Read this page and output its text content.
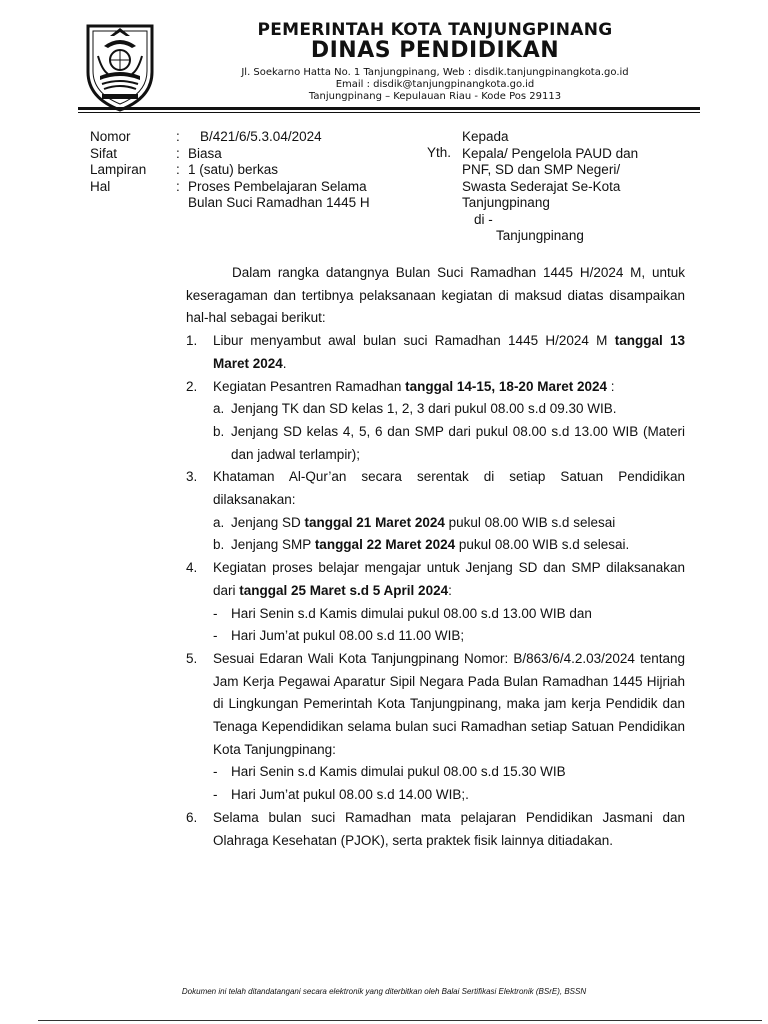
PEMERINTAH KOTA TANJUNGPINANG
DINAS PENDIDIKAN
Jl. Soekarno Hatta No. 1 Tanjungpinang, Web : disdik.tanjungpinangkota.go.id
Email : disdik@tanjungpinangkota.go.id
Tanjungpinang – Kepulauan Riau - Kode Pos 29113
Nomor	:	B/421/6/5.3.04/2024
Sifat	: Biasa
Lampiran	: 1 (satu) berkas
Hal	: Proses Pembelajaran Selama
Bulan Suci Ramadhan 1445 H
Yth.
Kepada
Kepala/ Pengelola PAUD dan
PNF, SD dan SMP Negeri/
Swasta Sederajat Se-Kota
Tanjungpinang
di -
Tanjungpinang

Dalam rangka datangnya Bulan Suci Ramadhan 1445 H/2024 M, untuk keseragaman dan tertibnya pelaksanaan kegiatan di maksud diatas disampaikan hal-hal sebagai berikut:

1.	Libur menyambut awal bulan suci Ramadhan 1445 H/2024 M tanggal 13 Maret 2024.
2.	Kegiatan Pesantren Ramadhan tanggal 14-15, 18-20 Maret 2024 :
a. Jenjang TK dan SD kelas 1, 2, 3 dari pukul 08.00 s.d 09.30 WIB.
b. Jenjang SD kelas 4, 5, 6 dan SMP dari pukul 08.00 s.d 13.00 WIB (Materi dan jadwal terlampir);
3.	Khataman Al-Qur’an secara serentak di setiap Satuan Pendidikan dilaksanakan:
a. Jenjang SD tanggal 21 Maret 2024 pukul 08.00 WIB s.d selesai
b. Jenjang SMP tanggal 22 Maret 2024 pukul 08.00 WIB s.d selesai.
4.	Kegiatan proses belajar mengajar untuk Jenjang SD dan SMP dilaksanakan dari tanggal 25 Maret s.d 5 April 2024:
-	Hari Senin s.d Kamis dimulai pukul 08.00 s.d 13.00 WIB dan
-	Hari Jum’at pukul 08.00 s.d 11.00 WIB;
5.	Sesuai Edaran Wali Kota Tanjungpinang Nomor: B/863/6/4.2.03/2024 tentang Jam Kerja Pegawai Aparatur Sipil Negara Pada Bulan Ramadhan 1445 Hijriah di Lingkungan Pemerintah Kota Tanjungpinang, maka jam kerja Pendidik dan Tenaga Kependidikan selama bulan suci Ramadhan setiap Satuan Pendidikan Kota Tanjungpinang:
-	Hari Senin s.d Kamis dimulai pukul 08.00 s.d 15.30 WIB
-	Hari Jum’at pukul 08.00 s.d 14.00 WIB;.
6.	Selama bulan suci Ramadhan mata pelajaran Pendidikan Jasmani dan Olahraga Kesehatan (PJOK), serta praktek fisik lainnya ditiadakan.
Dokumen ini telah ditandatangani secara elektronik yang diterbitkan oleh Balai Sertifikasi Elektronik (BSrE), BSSN
